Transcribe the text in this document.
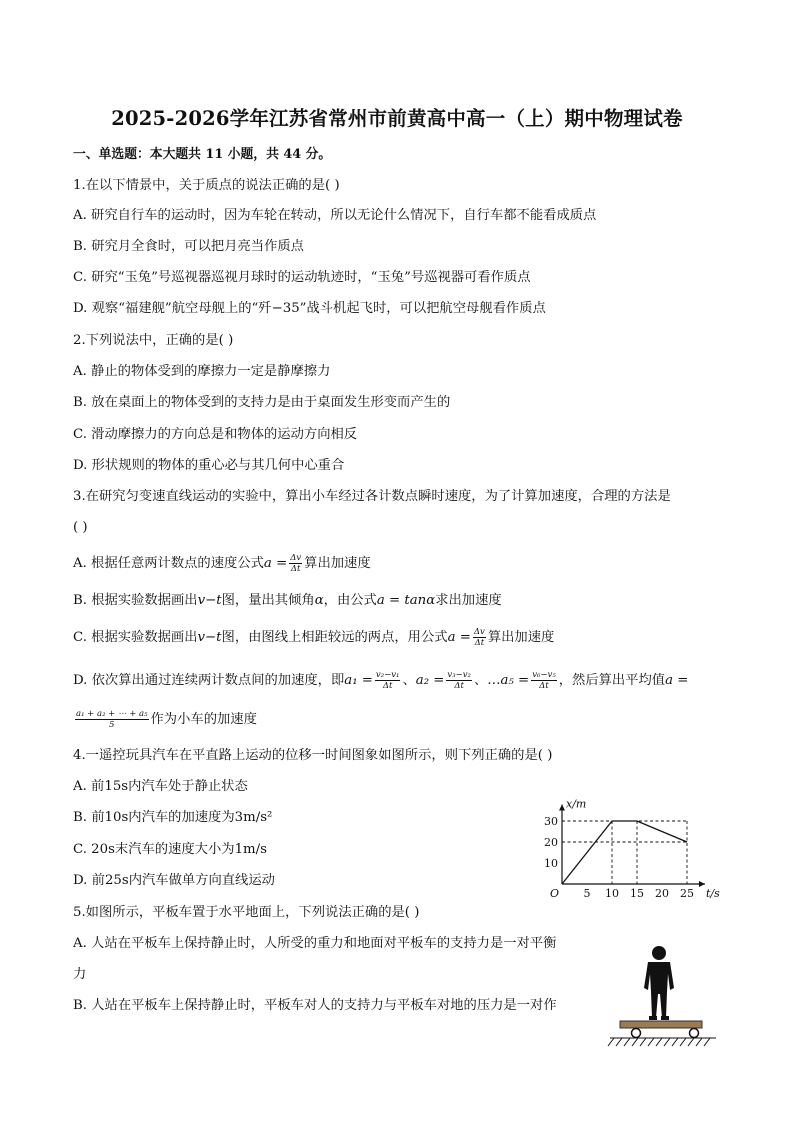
2025-2026学年江苏省常州市前黄高中高一（上）期中物理试卷
一、单选题：本大题共 11 小题，共 44 分。
1.在以下情景中，关于质点的说法正确的是( )
A. 研究自行车的运动时，因为车轮在转动，所以无论什么情况下，自行车都不能看成质点
B. 研究月全食时，可以把月亮当作质点
C. 研究“玉兔”号巡视器巡视月球时的运动轨迹时，“玉兔”号巡视器可看作质点
D. 观察“福建舰”航空母舰上的“歼−35”战斗机起飞时，可以把航空母舰看作质点
2.下列说法中，正确的是( )
A. 静止的物体受到的摩擦力一定是静摩擦力
B. 放在桌面上的物体受到的支持力是由于桌面发生形变而产生的
C. 滑动摩擦力的方向总是和物体的运动方向相反
D. 形状规则的物体的重心必与其几何中心重合
3.在研究匀变速直线运动的实验中，算出小车经过各计数点瞬时速度，为了计算加速度，合理的方法是
( )
A. 根据任意两计数点的速度公式$a = \frac{\Delta v}{\Delta t}$ 算出加速度
B. 根据实验数据画出v−t图，量出其倾角α，由公式a = tanα求出加速度
C. 根据实验数据画出v−t图，由图线上相距较远的两点，用公式$a = \frac{\Delta v}{\Delta t}$ 算出加速度
D. 依次算出通过连续两计数点间的加速度，即$a_1 = \frac{\text{v₂−v₁}}{\Delta t}$ 、$a_2 = \frac{\text{v₃−v₂}}{\Delta t}$ 、…a₅ = $\frac{\text{v₆−v₅}}{\Delta t}$ ，然后算出平均值a =
$\frac{\text{a₁ + a₂ + ⋯ + a₅}}{5}$ 作为小车的加速度
4.一遥控玩具汽车在平直路上运动的位移一时间图象如图所示，则下列正确的是( )
A. 前15s内汽车处于静止状态
B. 前10s内汽车的加速度为3m/s²
C. 20s末汽车的速度大小为1m/s
D. 前25s内汽车做单方向直线运动
5 10 15 20 25
10
20
30
O	t/s
x/m
5.如图所示，平板车置于水平地面上，下列说法正确的是( )
A. 人站在平板车上保持静止时，人所受的重力和地面对平板车的支持力是一对平衡
力
B. 人站在平板车上保持静止时，平板车对人的支持力与平板车对地的压力是一对作
